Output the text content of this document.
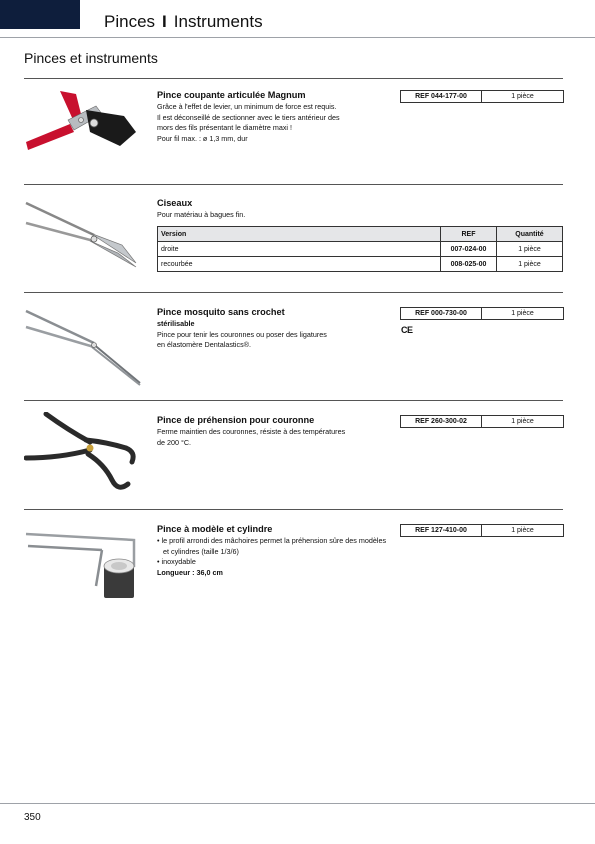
Pinces I Instruments
Pinces et instruments
Pince coupante articulée Magnum
Grâce à l'effet de levier, un minimum de force est requis.
Il est déconseillé de sectionner avec le tiers antérieur des
mors des fils présentant le diamètre maxi !
Pour fil max. : ø 1,3 mm, dur
REF 044-177-00	1 pièce
Ciseaux
Pour matériau à bagues fin.
Version	REF	Quantité
droite	007-024-00	1 pièce
recourbée	008-025-00	1 pièce
Pince mosquito sans crochet
stérilisable
Pince pour tenir les couronnes ou poser des ligatures
en élastomère Dentalastics®.
REF 000-730-00	1 pièce
CE
Pince de préhension pour couronne
Ferme maintien des couronnes, résiste à des températures
de 200 °C.
REF 260-300-02	1 pièce
Pince à modèle et cylindre
• le profil arrondi des mâchoires permet la préhension sûre des modèles et cylindres (taille 1/3/6)
• inoxydable
Longueur : 36,0 cm
REF 127-410-00	1 pièce
350
